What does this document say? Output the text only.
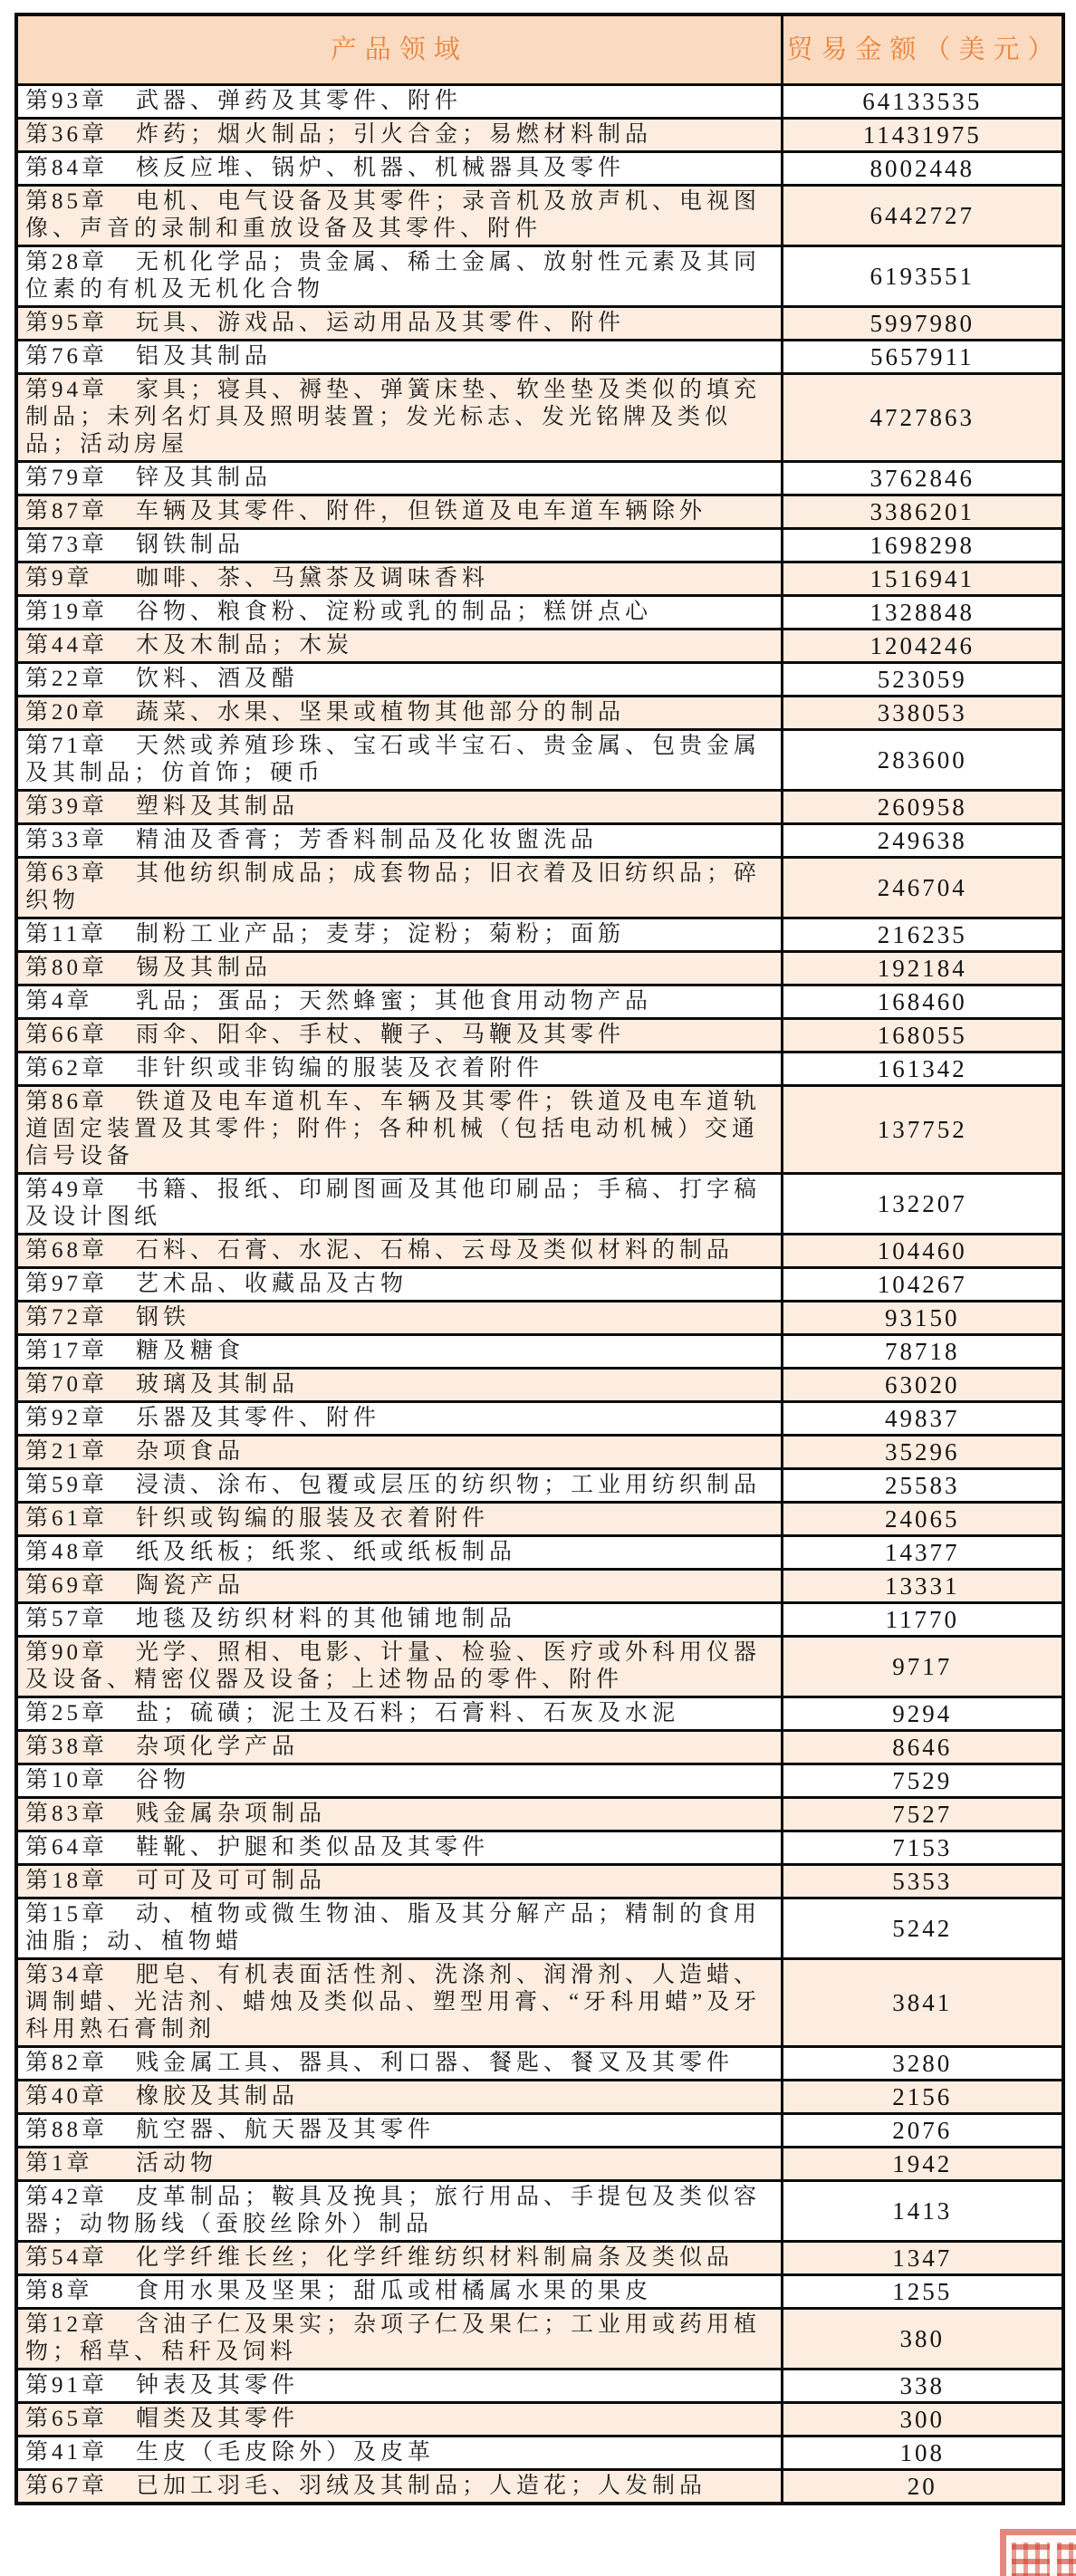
产品领域	贸易金额（美元）
第93章 武器、弹药及其零件、附件	64133535
第36章 炸药；烟火制品；引火合金；易燃材料制品	11431975
第84章 核反应堆、锅炉、机器、机械器具及零件	8002448
第85章 电机、电气设备及其零件；录音机及放声机、电视图像、声音的录制和重放设备及其零件、附件	6442727
第28章 无机化学品；贵金属、稀土金属、放射性元素及其同位素的有机及无机化合物	6193551
第95章 玩具、游戏品、运动用品及其零件、附件	5997980
第76章 铝及其制品	5657911
第94章 家具；寝具、褥垫、弹簧床垫、软坐垫及类似的填充制品；未列名灯具及照明装置；发光标志、发光铭牌及类似品；活动房屋	4727863
第79章 锌及其制品	3762846
第87章 车辆及其零件、附件，但铁道及电车道车辆除外	3386201
第73章 钢铁制品	1698298
第9章 咖啡、茶、马黛茶及调味香料	1516941
第19章 谷物、粮食粉、淀粉或乳的制品；糕饼点心	1328848
第44章 木及木制品；木炭	1204246
第22章 饮料、酒及醋	523059
第20章 蔬菜、水果、坚果或植物其他部分的制品	338053
第71章 天然或养殖珍珠、宝石或半宝石、贵金属、包贵金属及其制品；仿首饰；硬币	283600
第39章 塑料及其制品	260958
第33章 精油及香膏；芳香料制品及化妆盥洗品	249638
第63章 其他纺织制成品；成套物品；旧衣着及旧纺织品；碎织物	246704
第11章 制粉工业产品；麦芽；淀粉；菊粉；面筋	216235
第80章 锡及其制品	192184
第4章 乳品；蛋品；天然蜂蜜；其他食用动物产品	168460
第66章 雨伞、阳伞、手杖、鞭子、马鞭及其零件	168055
第62章 非针织或非钩编的服装及衣着附件	161342
第86章 铁道及电车道机车、车辆及其零件；铁道及电车道轨道固定装置及其零件；附件；各种机械（包括电动机械）交通信号设备	137752
第49章 书籍、报纸、印刷图画及其他印刷品；手稿、打字稿及设计图纸	132207
第68章 石料、石膏、水泥、石棉、云母及类似材料的制品	104460
第97章 艺术品、收藏品及古物	104267
第72章 钢铁	93150
第17章 糖及糖食	78718
第70章 玻璃及其制品	63020
第92章 乐器及其零件、附件	49837
第21章 杂项食品	35296
第59章 浸渍、涂布、包覆或层压的纺织物；工业用纺织制品	25583
第61章 针织或钩编的服装及衣着附件	24065
第48章 纸及纸板；纸浆、纸或纸板制品	14377
第69章 陶瓷产品	13331
第57章 地毯及纺织材料的其他铺地制品	11770
第90章 光学、照相、电影、计量、检验、医疗或外科用仪器及设备、精密仪器及设备；上述物品的零件、附件	9717
第25章 盐；硫磺；泥土及石料；石膏料、石灰及水泥	9294
第38章 杂项化学产品	8646
第10章 谷物	7529
第83章 贱金属杂项制品	7527
第64章 鞋靴、护腿和类似品及其零件	7153
第18章 可可及可可制品	5353
第15章 动、植物或微生物油、脂及其分解产品；精制的食用油脂；动、植物蜡	5242
第34章 肥皂、有机表面活性剂、洗涤剂、润滑剂、人造蜡、调制蜡、光洁剂、蜡烛及类似品、塑型用膏、“牙科用蜡”及牙科用熟石膏制剂	3841
第82章 贱金属工具、器具、利口器、餐匙、餐叉及其零件	3280
第40章 橡胶及其制品	2156
第88章 航空器、航天器及其零件	2076
第1章 活动物	1942
第42章 皮革制品；鞍具及挽具；旅行用品、手提包及类似容器；动物肠线（蚕胶丝除外）制品	1413
第54章 化学纤维长丝；化学纤维纺织材料制扁条及类似品	1347
第8章 食用水果及坚果；甜瓜或柑橘属水果的果皮	1255
第12章 含油子仁及果实；杂项子仁及果仁；工业用或药用植物；稻草、秸秆及饲料	380
第91章 钟表及其零件	338
第65章 帽类及其零件	300
第41章 生皮（毛皮除外）及皮革	108
第67章 已加工羽毛、羽绒及其制品；人造花；人发制品	20
